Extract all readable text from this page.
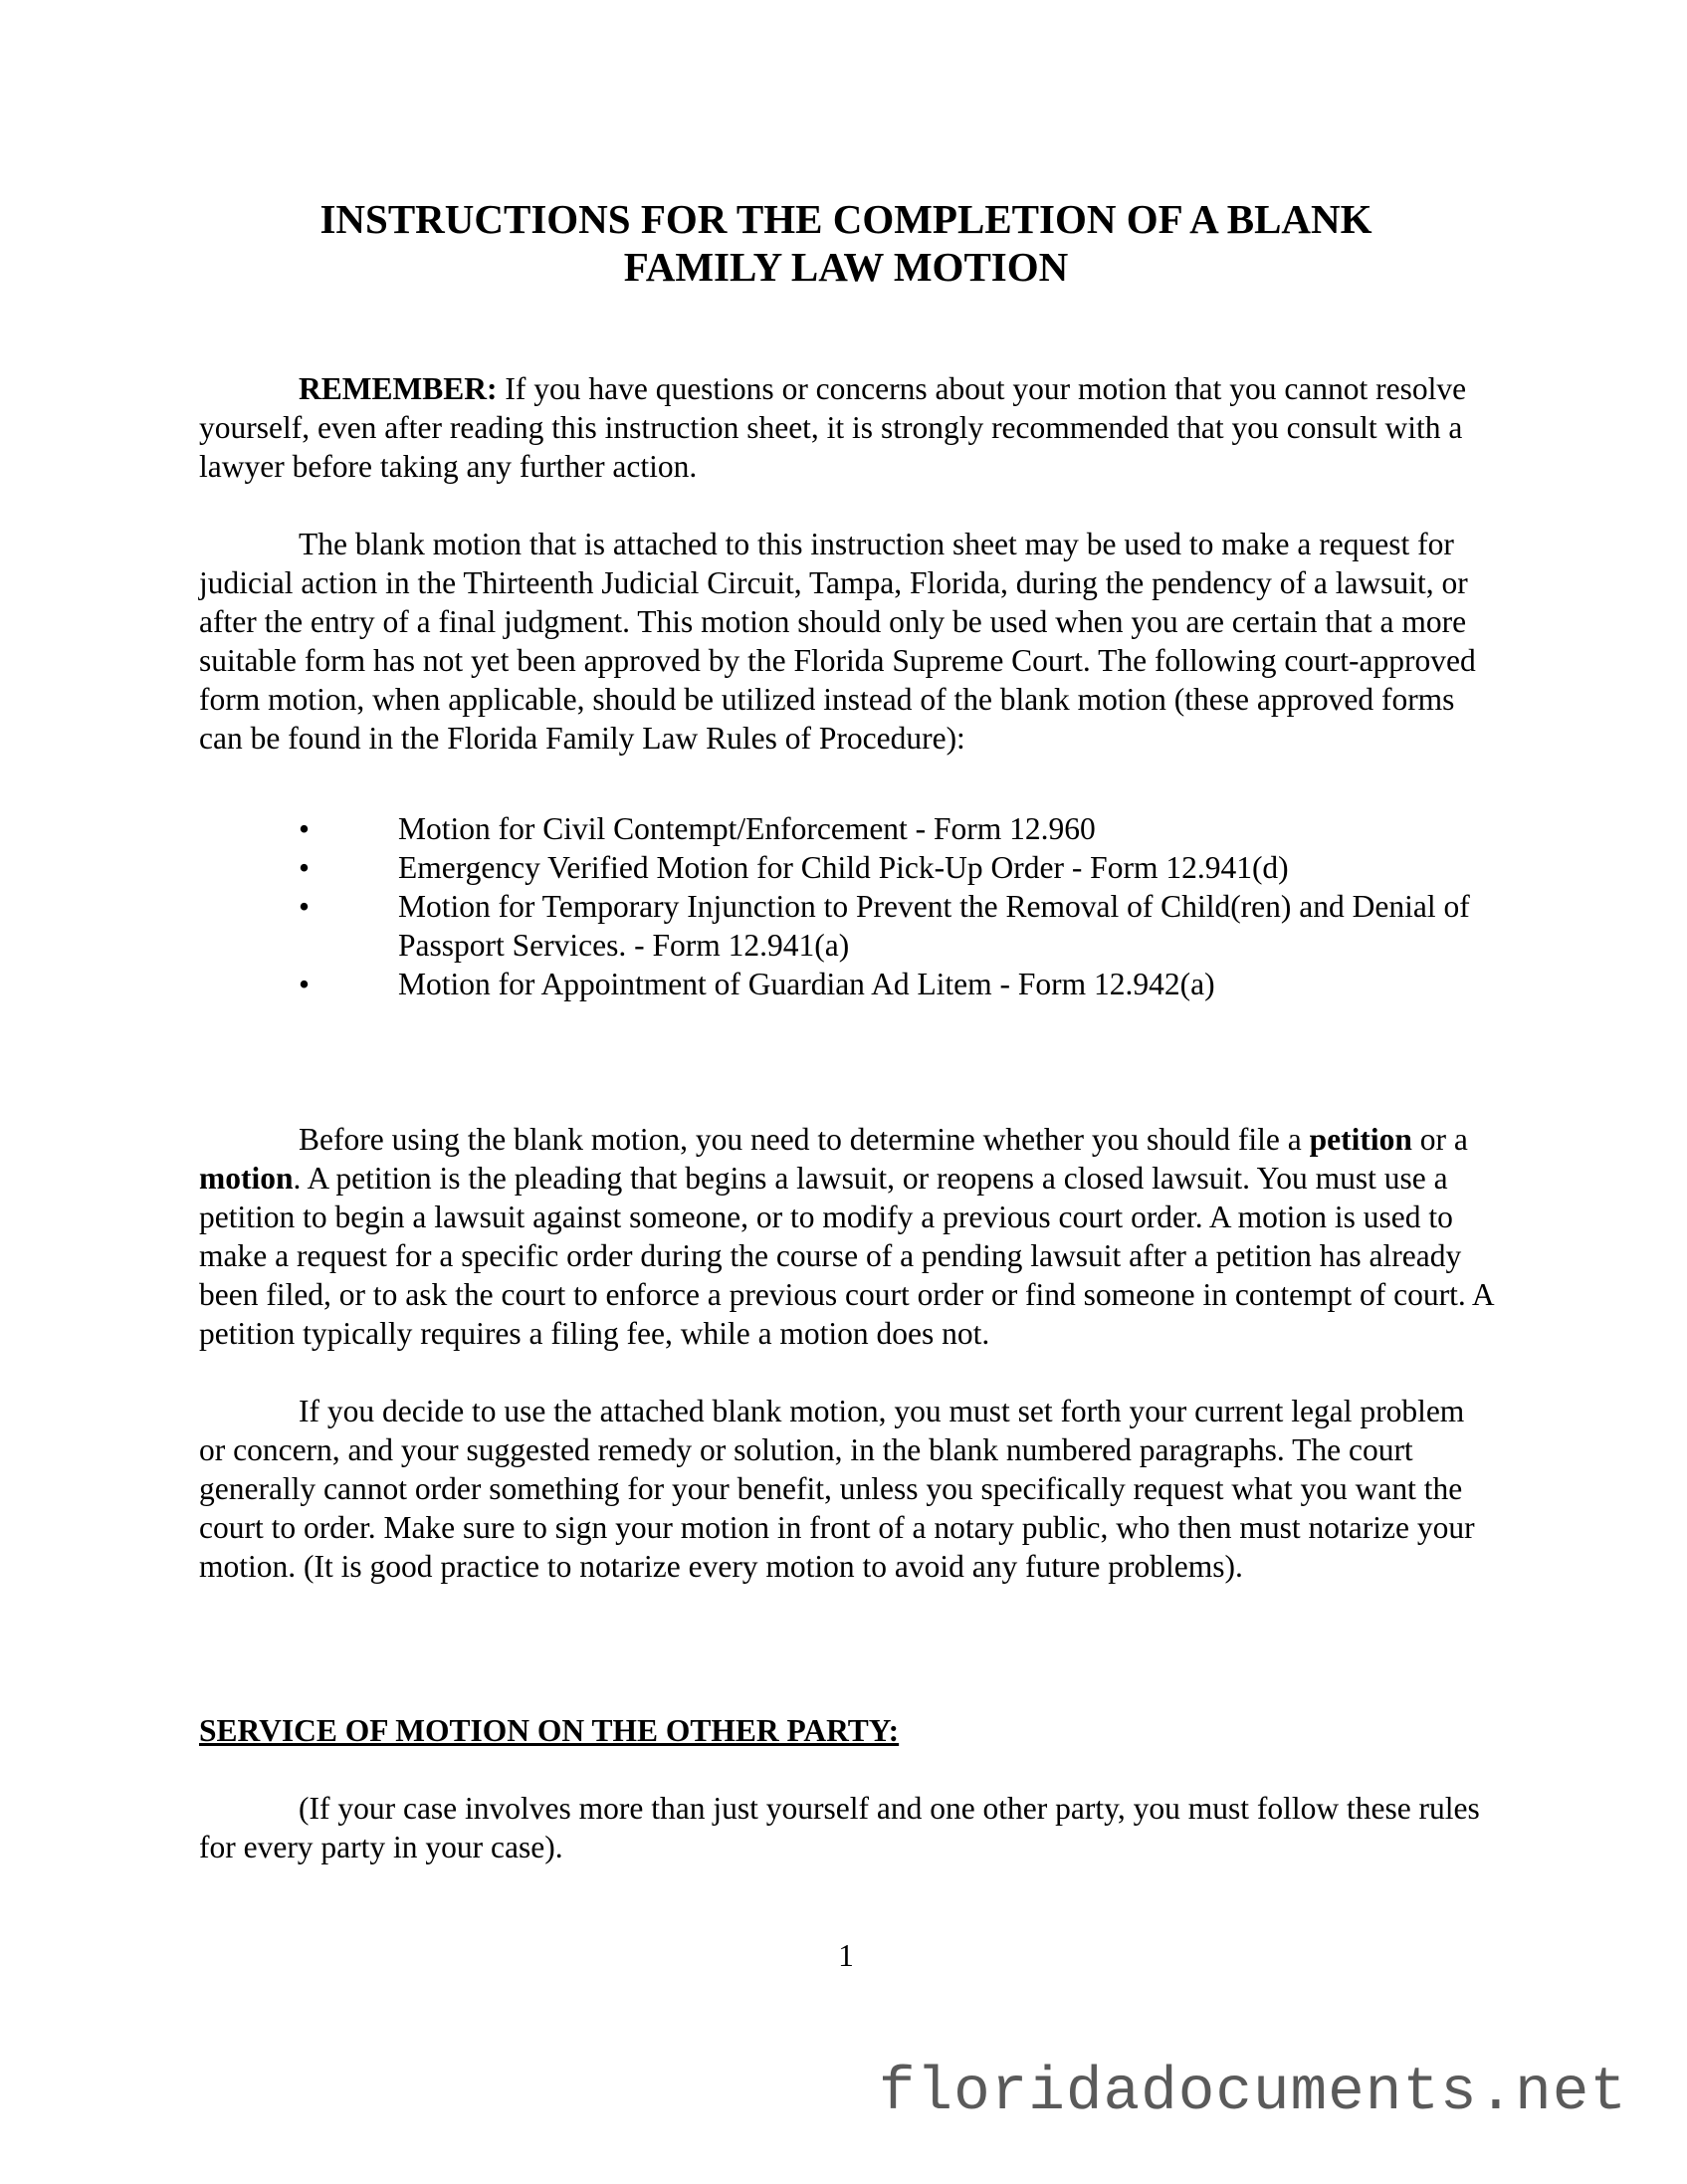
INSTRUCTIONS FOR THE COMPLETION OF A BLANK
FAMILY LAW MOTION

REMEMBER: If you have questions or concerns about your motion that you cannot resolve yourself, even after reading this instruction sheet, it is strongly recommended that you consult with a lawyer before taking any further action.

The blank motion that is attached to this instruction sheet may be used to make a request for judicial action in the Thirteenth Judicial Circuit, Tampa, Florida, during the pendency of a lawsuit, or after the entry of a final judgment. This motion should only be used when you are certain that a more suitable form has not yet been approved by the Florida Supreme Court. The following court-approved form motion, when applicable, should be utilized instead of the blank motion (these approved forms can be found in the Florida Family Law Rules of Procedure):

•	Motion for Civil Contempt/Enforcement - Form 12.960
•	Emergency Verified Motion for Child Pick-Up Order - Form 12.941(d)
•	Motion for Temporary Injunction to Prevent the Removal of Child(ren) and Denial of Passport Services. - Form 12.941(a)
•	Motion for Appointment of Guardian Ad Litem - Form 12.942(a)

Before using the blank motion, you need to determine whether you should file a petition or a motion. A petition is the pleading that begins a lawsuit, or reopens a closed lawsuit. You must use a petition to begin a lawsuit against someone, or to modify a previous court order. A motion is used to make a request for a specific order during the course of a pending lawsuit after a petition has already been filed, or to ask the court to enforce a previous court order or find someone in contempt of court. A petition typically requires a filing fee, while a motion does not.

If you decide to use the attached blank motion, you must set forth your current legal problem or concern, and your suggested remedy or solution, in the blank numbered paragraphs. The court generally cannot order something for your benefit, unless you specifically request what you want the court to order. Make sure to sign your motion in front of a notary public, who then must notarize your motion. (It is good practice to notarize every motion to avoid any future problems).

SERVICE OF MOTION ON THE OTHER PARTY:

(If your case involves more than just yourself and one other party, you must follow these rules for every party in your case).

1
floridadocuments.net
